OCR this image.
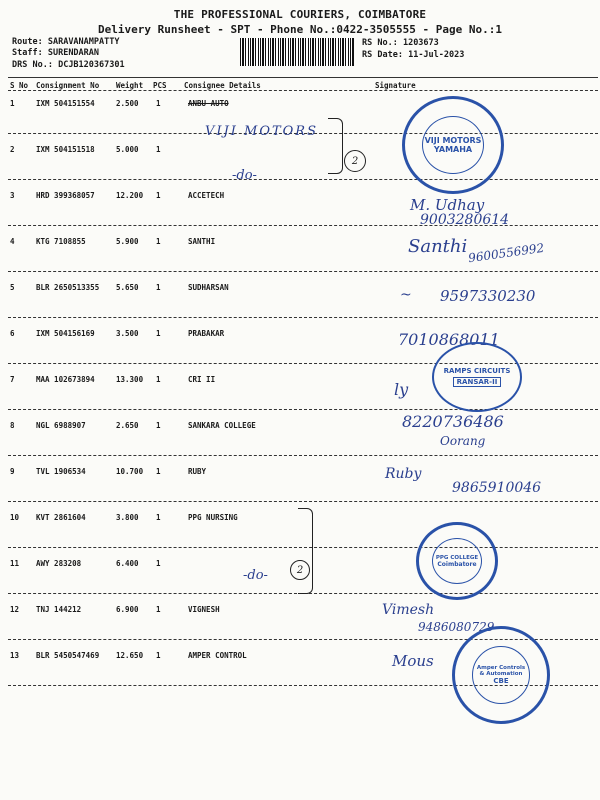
THE PROFESSIONAL COURIERS, COIMBATORE
Delivery Runsheet - SPT - Phone No.:0422-3505555 - Page No.:1
Route: SARAVANAMPATTY
Staff: SURENDARAN
DRS No.: DCJB120367301
RS No.: 1203673
RS Date: 11-Jul-2023
S No Consignment No Weight PCS Consignee Details	Signature
1	IXM 504151554	2.500 1	ANBU AUTO
2	IXM 504151518	5.000 1
3	HRD 399368057	12.200 1	ACCETECH
4	KTG 7108855	5.900 1	SANTHI
5	BLR 2650513355 5.650 1	SUDHARSAN
6	IXM 504156169	3.500 1	PRABAKAR
7	MAA 102673894	13.300 1	CRI II
8	NGL 6988907	2.650 1	SANKARA COLLEGE
9	TVL 1906534	10.700 1	RUBY
10 KVT 2861604	3.800 1	PPG NURSING
11 AWY 283208	6.400 1
12 TNJ 144212	6.900 1	VIGNESH
13 BLR 5450547469 12.650 1	AMPER CONTROL
VIJI MOTORS
2
-do-
VIJI MOTORS
YAMAHA
M. Udhay
9003280614
Santhi 9600556992
~ 9597330230
7010868011
RAMPS CIRCUITS
RANSAR-II
ly
8220736486
Oorang
Ruby
9865910046
2
-do-
PPG COLLEGE
Coimbatore
Vimesh
9486080729
Mous	Amper Controls & Automation
CBE
